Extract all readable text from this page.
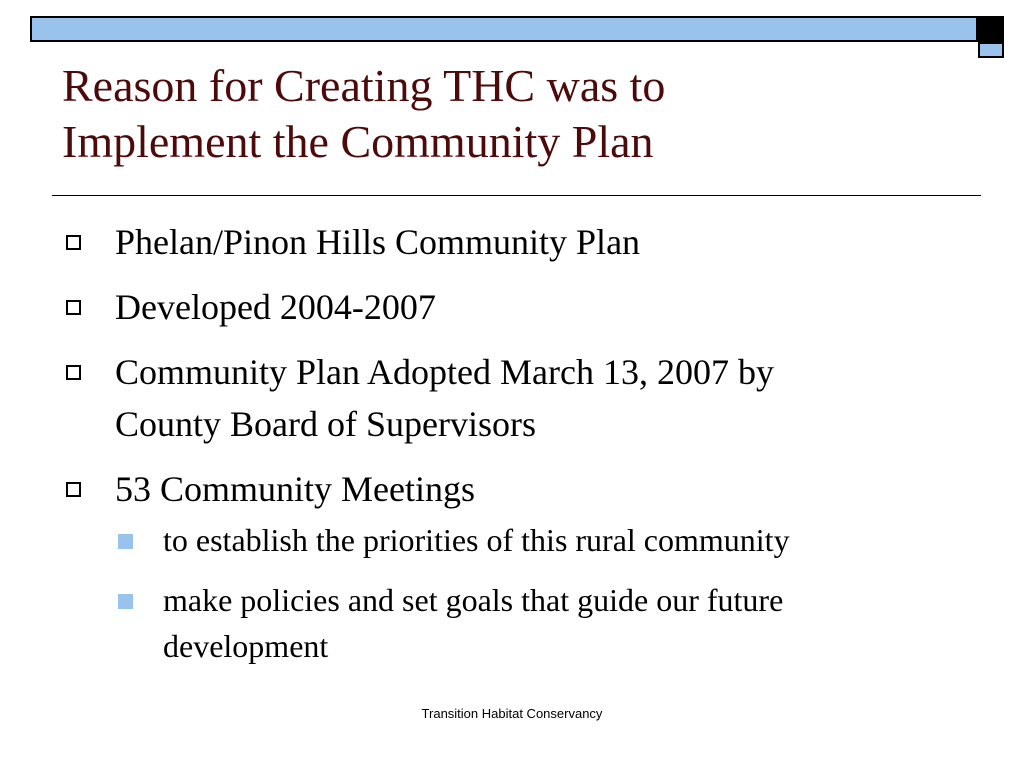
Reason for Creating THC was to
Implement the Community Plan
Phelan/Pinon Hills Community Plan
Developed 2004-2007
Community Plan Adopted March 13, 2007 by
County Board of Supervisors
53 Community Meetings
to establish the priorities of this rural community
make policies and set goals that guide our future
development
Transition Habitat Conservancy
